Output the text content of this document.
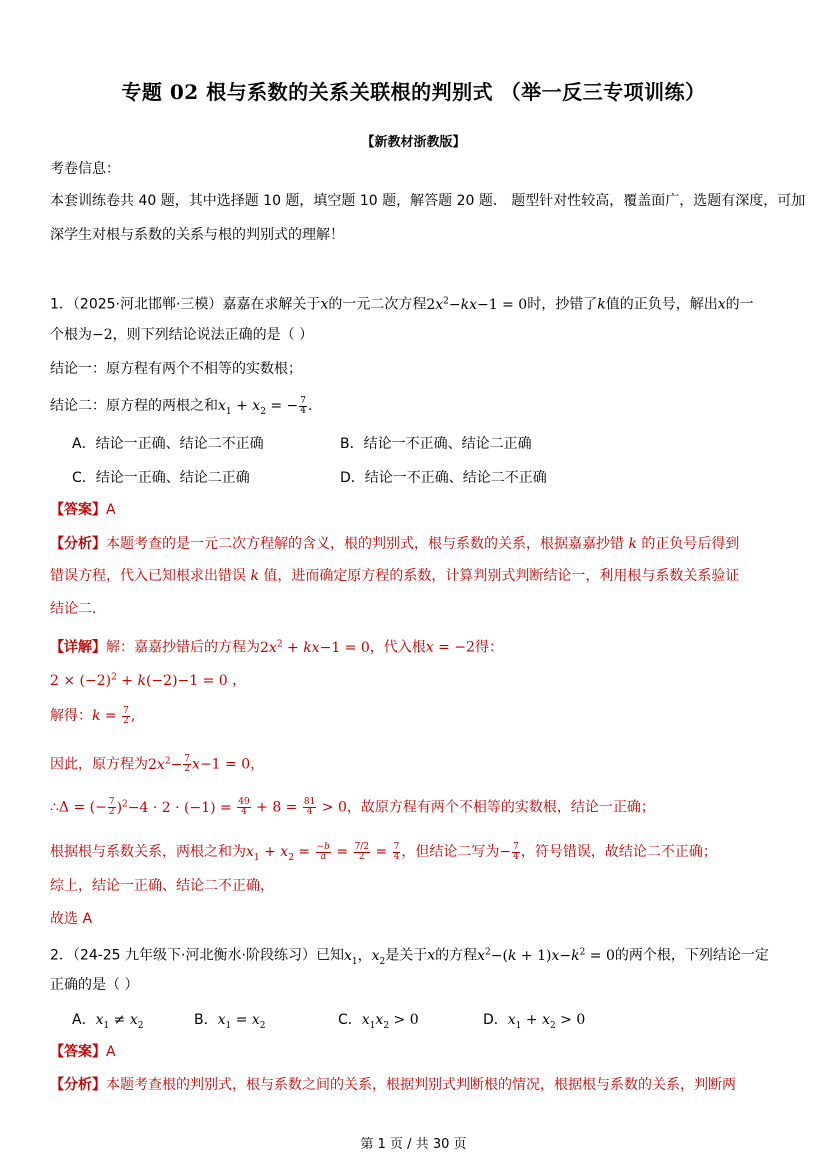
专题 02 根与系数的关系关联根的判别式 （举一反三专项训练）
【新教材浙教版】
考卷信息：
本套训练卷共 40 题，其中选择题 10 题，填空题 10 题，解答题 20 题． 题型针对性较高，覆盖面广，选题有深度，可加
深学生对根与系数的关系与根的判别式的理解！
1．（2025·河北邯郸·三模）嘉嘉在求解关于x的一元二次方程$2x^2-kx-1 = 0$时，抄错了k值的正负号，解出x的一
个根为−2，则下列结论说法正确的是（ ）
结论一：原方程有两个不相等的实数根；
结论二：原方程的两根之和$x_1 + x_2$ = − $\frac{7}{4}$ .
A．结论一正确、结论二不正确	B．结论一不正确、结论二正确
C．结论一正确、结论二正确	D．结论一不正确、结论二不正确
【答案】A
【分析】本题考查的是一元二次方程解的含义，根的判别式，根与系数的关系，根据嘉嘉抄错 k 的正负号后得到
错误方程，代入已知根求出错误 k 值，进而确定原方程的系数，计算判别式判断结论一，利用根与系数关系验证
结论二.
【详解】解：嘉嘉抄错后的方程为$2x^2 + kx-1 = 0$，代入根x = −2得：
$2 \times (-2)^2 + k(-2)-1 = 0$ ，
解得：$k = \frac{7}{2}$ ,
因此，原方程为$2x^2- \frac{7}{2} x-1 = 0$，
∴Δ = (− $\frac{7}{2} )^2-4 \cdot 2 \cdot (-1) = \frac{49}{4} + 8 = \frac{81}{4} > 0$，故原方程有两个不相等的实数根，结论一正确；
根据根与系数关系，两根之和为$x_1 + x_2 = \frac{-b}{a} = \frac{7/2}{2} = \frac{7}{4}$ ，但结论二写为− $\frac{7}{4}$ ，符号错误，故结论二不正确；
综上，结论一正确、结论二不正确，
故选 A
2．（24-25 九年级下·河北衡水·阶段练习）已知$x_1$，$x_2$是关于x的方程$x^2-(k + 1)x-k^2 = 0$的两个根，下列结论一定
正确的是（ ）
A．$x_1 \ne x_2$	B．$x_1 = x_2$	C．$x_1x_2 > 0$	D．$x_1 + x_2 > 0$
【答案】A
【分析】本题考查根的判别式，根与系数之间的关系，根据判别式判断根的情况，根据根与系数的关系，判断两
第 1 页 / 共 30 页
